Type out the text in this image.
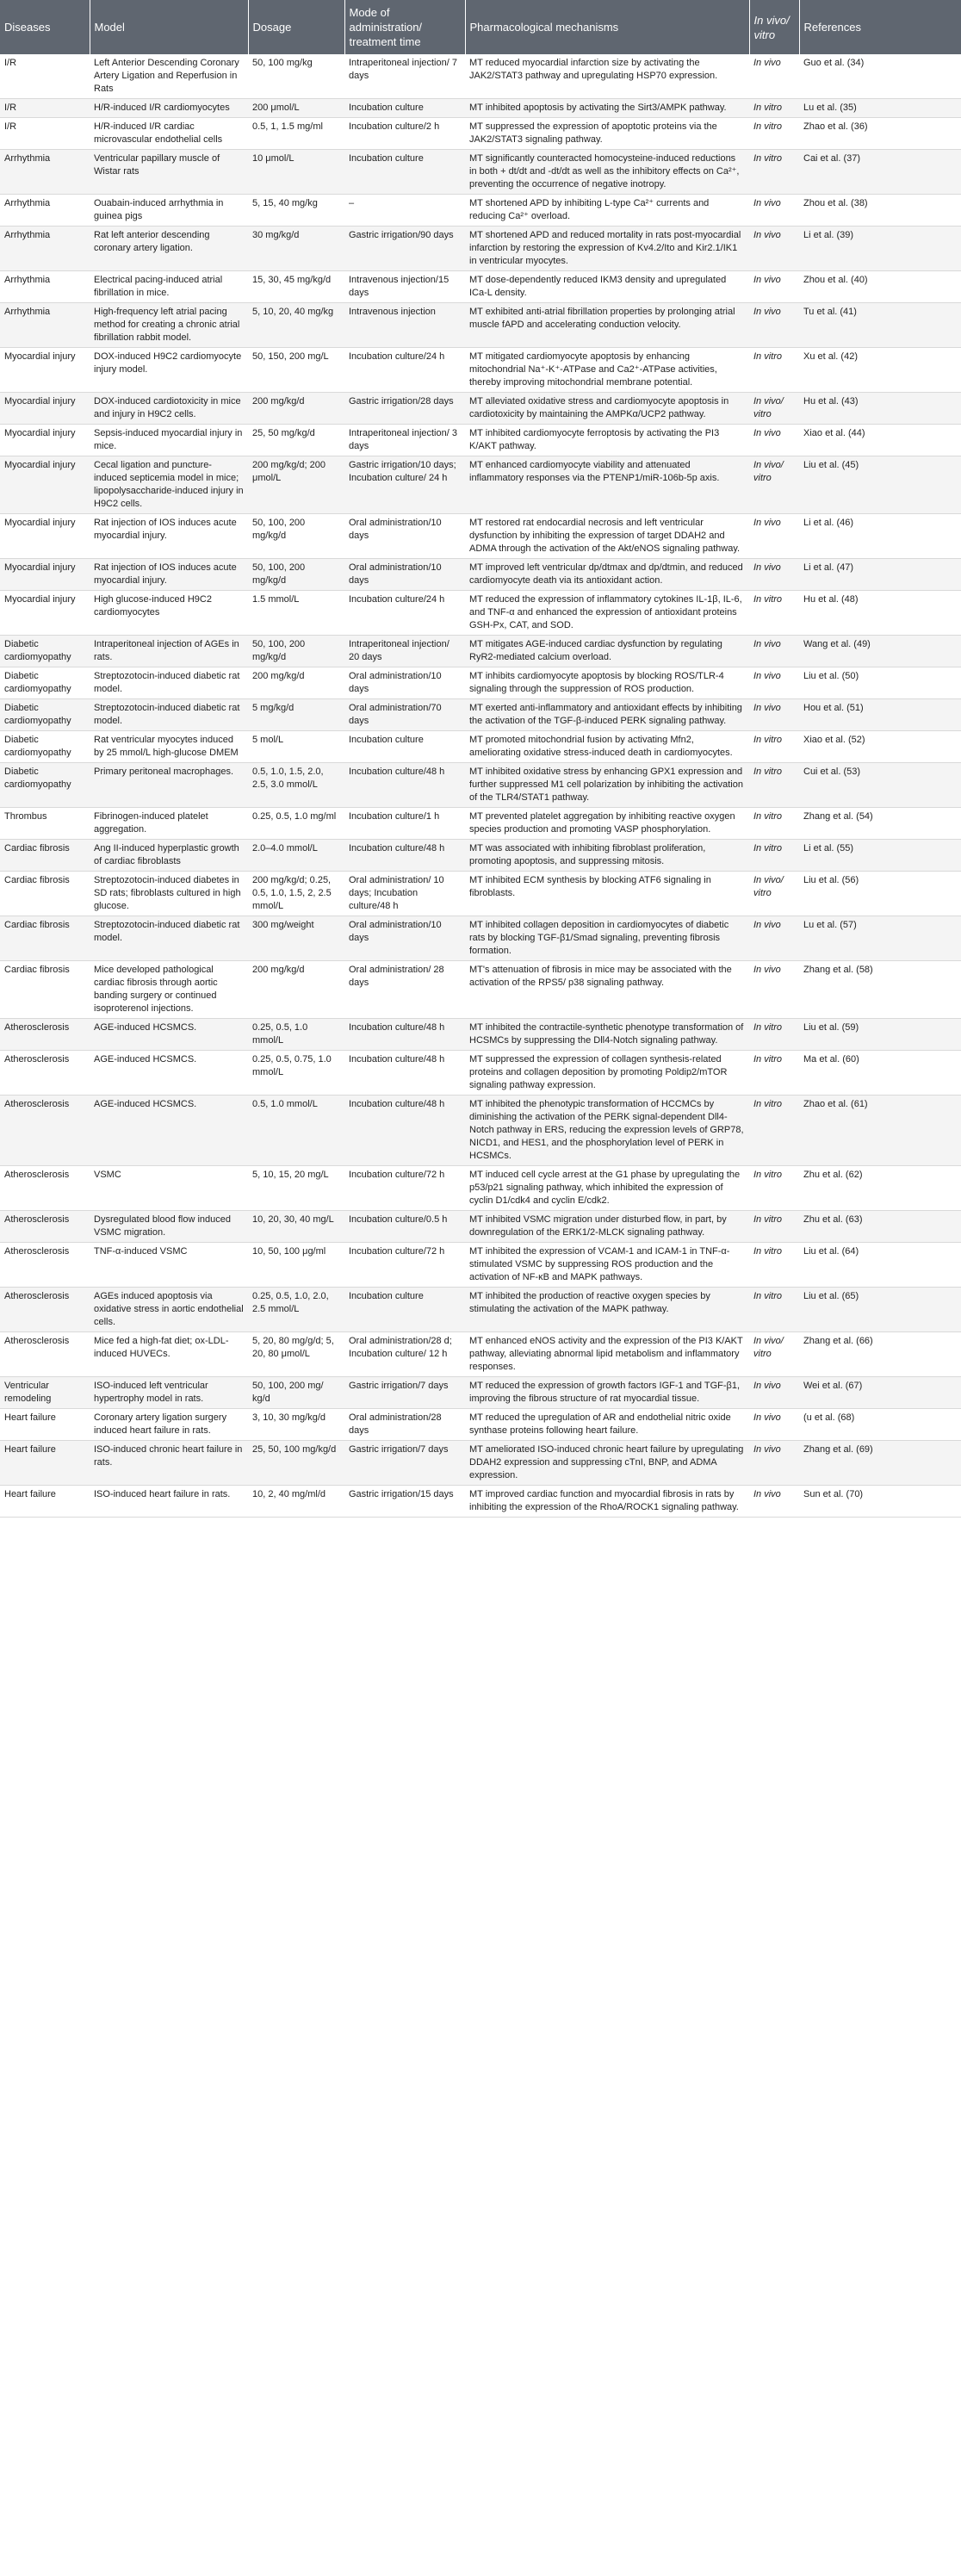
Diseases	Model	Dosage	Mode of administration/ treatment time	Pharmacological mechanisms	In vivo/ vitro	References
I/R	Left Anterior Descending Coronary Artery Ligation and Reperfusion in Rats	50, 100 mg/kg	Intraperitoneal injection/ 7 days	MT reduced myocardial infarction size by activating the JAK2/STAT3 pathway and upregulating HSP70 expression.	In vivo	Guo et al. (34)
I/R	H/R-induced I/R cardiomyocytes	200 μmol/L	Incubation culture	MT inhibited apoptosis by activating the Sirt3/AMPK pathway.	In vitro	Lu et al. (35)
I/R	H/R-induced I/R cardiac microvascular endothelial cells	0.5, 1, 1.5 mg/ml	Incubation culture/2 h	MT suppressed the expression of apoptotic proteins via the JAK2/STAT3 signaling pathway.	In vitro	Zhao et al. (36)
Arrhythmia	Ventricular papillary muscle of Wistar rats	10 μmol/L	Incubation culture	MT significantly counteracted homocysteine-induced reductions in both + dt/dt and -dt/dt as well as the inhibitory effects on Ca²⁺, preventing the occurrence of negative inotropy.	In vitro	Cai et al. (37)
Arrhythmia	Ouabain-induced arrhythmia in guinea pigs	5, 15, 40 mg/kg	–	MT shortened APD by inhibiting L-type Ca²⁺ currents and reducing Ca²⁺ overload.	In vivo	Zhou et al. (38)
Arrhythmia	Rat left anterior descending coronary artery ligation.	30 mg/kg/d	Gastric irrigation/90 days	MT shortened APD and reduced mortality in rats post-myocardial infarction by restoring the expression of Kv4.2/Ito and Kir2.1/IK1 in ventricular myocytes.	In vivo	Li et al. (39)
Arrhythmia	Electrical pacing-induced atrial fibrillation in mice.	15, 30, 45 mg/kg/d	Intravenous injection/15 days	MT dose-dependently reduced IKM3 density and upregulated ICa-L density.	In vivo	Zhou et al. (40)
Arrhythmia	High-frequency left atrial pacing method for creating a chronic atrial fibrillation rabbit model.	5, 10, 20, 40 mg/kg	Intravenous injection	MT exhibited anti-atrial fibrillation properties by prolonging atrial muscle fAPD and accelerating conduction velocity.	In vivo	Tu et al. (41)
Myocardial injury	DOX-induced H9C2 cardiomyocyte injury model.	50, 150, 200 mg/L	Incubation culture/24 h	MT mitigated cardiomyocyte apoptosis by enhancing mitochondrial Na⁺-K⁺-ATPase and Ca2⁺-ATPase activities, thereby improving mitochondrial membrane potential.	In vitro	Xu et al. (42)
Myocardial injury	DOX-induced cardiotoxicity in mice and injury in H9C2 cells.	200 mg/kg/d	Gastric irrigation/28 days	MT alleviated oxidative stress and cardiomyocyte apoptosis in cardiotoxicity by maintaining the AMPKα/UCP2 pathway.	In vivo/ vitro	Hu et al. (43)
Myocardial injury	Sepsis-induced myocardial injury in mice.	25, 50 mg/kg/d	Intraperitoneal injection/ 3 days	MT inhibited cardiomyocyte ferroptosis by activating the PI3 K/AKT pathway.	In vivo	Xiao et al. (44)
Myocardial injury	Cecal ligation and puncture-induced septicemia model in mice; lipopolysaccharide-induced injury in H9C2 cells.	200 mg/kg/d; 200 μmol/L	Gastric irrigation/10 days; Incubation culture/ 24 h	MT enhanced cardiomyocyte viability and attenuated inflammatory responses via the PTENP1/miR-106b-5p axis.	In vivo/ vitro	Liu et al. (45)
Myocardial injury	Rat injection of IOS induces acute myocardial injury.	50, 100, 200 mg/kg/d	Oral administration/10 days	MT restored rat endocardial necrosis and left ventricular dysfunction by inhibiting the expression of target DDAH2 and ADMA through the activation of the Akt/eNOS signaling pathway.	In vivo	Li et al. (46)
Myocardial injury	Rat injection of IOS induces acute myocardial injury.	50, 100, 200 mg/kg/d	Oral administration/10 days	MT improved left ventricular dp/dtmax and dp/dtmin, and reduced cardiomyocyte death via its antioxidant action.	In vivo	Li et al. (47)
Myocardial injury	High glucose-induced H9C2 cardiomyocytes	1.5 mmol/L	Incubation culture/24 h	MT reduced the expression of inflammatory cytokines IL-1β, IL-6, and TNF-α and enhanced the expression of antioxidant proteins GSH-Px, CAT, and SOD.	In vitro	Hu et al. (48)
Diabetic cardiomyopathy	Intraperitoneal injection of AGEs in rats.	50, 100, 200 mg/kg/d	Intraperitoneal injection/ 20 days	MT mitigates AGE-induced cardiac dysfunction by regulating RyR2-mediated calcium overload.	In vivo	Wang et al. (49)
Diabetic cardiomyopathy	Streptozotocin-induced diabetic rat model.	200 mg/kg/d	Oral administration/10 days	MT inhibits cardiomyocyte apoptosis by blocking ROS/TLR-4 signaling through the suppression of ROS production.	In vivo	Liu et al. (50)
Diabetic cardiomyopathy	Streptozotocin-induced diabetic rat model.	5 mg/kg/d	Oral administration/70 days	MT exerted anti-inflammatory and antioxidant effects by inhibiting the activation of the TGF-β-induced PERK signaling pathway.	In vivo	Hou et al. (51)
Diabetic cardiomyopathy	Rat ventricular myocytes induced by 25 mmol/L high-glucose DMEM	5 mol/L	Incubation culture	MT promoted mitochondrial fusion by activating Mfn2, ameliorating oxidative stress-induced death in cardiomyocytes.	In vitro	Xiao et al. (52)
Diabetic cardiomyopathy	Primary peritoneal macrophages.	0.5, 1.0, 1.5, 2.0, 2.5, 3.0 mmol/L	Incubation culture/48 h	MT inhibited oxidative stress by enhancing GPX1 expression and further suppressed M1 cell polarization by inhibiting the activation of the TLR4/STAT1 pathway.	In vitro	Cui et al. (53)
Thrombus	Fibrinogen-induced platelet aggregation.	0.25, 0.5, 1.0 mg/ml	Incubation culture/1 h	MT prevented platelet aggregation by inhibiting reactive oxygen species production and promoting VASP phosphorylation.	In vitro	Zhang et al. (54)
Cardiac fibrosis	Ang II-induced hyperplastic growth of cardiac fibroblasts	2.0–4.0 mmol/L	Incubation culture/48 h	MT was associated with inhibiting fibroblast proliferation, promoting apoptosis, and suppressing mitosis.	In vitro	Li et al. (55)
Cardiac fibrosis	Streptozotocin-induced diabetes in SD rats; fibroblasts cultured in high glucose.	200 mg/kg/d; 0.25, 0.5, 1.0, 1.5, 2, 2.5 mmol/L	Oral administration/ 10 days; Incubation culture/48 h	MT inhibited ECM synthesis by blocking ATF6 signaling in fibroblasts.	In vivo/ vitro	Liu et al. (56)
Cardiac fibrosis	Streptozotocin-induced diabetic rat model.	300 mg/weight	Oral administration/10 days	MT inhibited collagen deposition in cardiomyocytes of diabetic rats by blocking TGF-β1/Smad signaling, preventing fibrosis formation.	In vivo	Lu et al. (57)
Cardiac fibrosis	Mice developed pathological cardiac fibrosis through aortic banding surgery or continued isoproterenol injections.	200 mg/kg/d	Oral administration/ 28 days	MT's attenuation of fibrosis in mice may be associated with the activation of the RPS5/ p38 signaling pathway.	In vivo	Zhang et al. (58)
Atherosclerosis	AGE-induced HCSMCS.	0.25, 0.5, 1.0 mmol/L	Incubation culture/48 h	MT inhibited the contractile-synthetic phenotype transformation of HCSMCs by suppressing the Dll4-Notch signaling pathway.	In vitro	Liu et al. (59)
Atherosclerosis	AGE-induced HCSMCS.	0.25, 0.5, 0.75, 1.0 mmol/L	Incubation culture/48 h	MT suppressed the expression of collagen synthesis-related proteins and collagen deposition by promoting Poldip2/mTOR signaling pathway expression.	In vitro	Ma et al. (60)
Atherosclerosis	AGE-induced HCSMCS.	0.5, 1.0 mmol/L	Incubation culture/48 h	MT inhibited the phenotypic transformation of HCCMCs by diminishing the activation of the PERK signal-dependent Dll4-Notch pathway in ERS, reducing the expression levels of GRP78, NICD1, and HES1, and the phosphorylation level of PERK in HCSMCs.	In vitro	Zhao et al. (61)
Atherosclerosis	VSMC	5, 10, 15, 20 mg/L	Incubation culture/72 h	MT induced cell cycle arrest at the G1 phase by upregulating the p53/p21 signaling pathway, which inhibited the expression of cyclin D1/cdk4 and cyclin E/cdk2.	In vitro	Zhu et al. (62)
Atherosclerosis	Dysregulated blood flow induced VSMC migration.	10, 20, 30, 40 mg/L	Incubation culture/0.5 h	MT inhibited VSMC migration under disturbed flow, in part, by downregulation of the ERK1/2-MLCK signaling pathway.	In vitro	Zhu et al. (63)
Atherosclerosis	TNF-α-induced VSMC	10, 50, 100 μg/ml	Incubation culture/72 h	MT inhibited the expression of VCAM-1 and ICAM-1 in TNF-α-stimulated VSMC by suppressing ROS production and the activation of NF-κB and MAPK pathways.	In vitro	Liu et al. (64)
Atherosclerosis	AGEs induced apoptosis via oxidative stress in aortic endothelial cells.	0.25, 0.5, 1.0, 2.0, 2.5 mmol/L	Incubation culture	MT inhibited the production of reactive oxygen species by stimulating the activation of the MAPK pathway.	In vitro	Liu et al. (65)
Atherosclerosis	Mice fed a high-fat diet; ox-LDL-induced HUVECs.	5, 20, 80 mg/g/d; 5, 20, 80 μmol/L	Oral administration/28 d; Incubation culture/ 12 h	MT enhanced eNOS activity and the expression of the PI3 K/AKT pathway, alleviating abnormal lipid metabolism and inflammatory responses.	In vivo/ vitro	Zhang et al. (66)
Ventricular remodeling	ISO-induced left ventricular hypertrophy model in rats.	50, 100, 200 mg/ kg/d	Gastric irrigation/7 days	MT reduced the expression of growth factors IGF-1 and TGF-β1, improving the fibrous structure of rat myocardial tissue.	In vivo	Wei et al. (67)
Heart failure	Coronary artery ligation surgery induced heart failure in rats.	3, 10, 30 mg/kg/d	Oral administration/28 days	MT reduced the upregulation of AR and endothelial nitric oxide synthase proteins following heart failure.	In vivo	(u et al. (68)
Heart failure	ISO-induced chronic heart failure in rats.	25, 50, 100 mg/kg/d	Gastric irrigation/7 days	MT ameliorated ISO-induced chronic heart failure by upregulating DDAH2 expression and suppressing cTnI, BNP, and ADMA expression.	In vivo	Zhang et al. (69)
Heart failure	ISO-induced heart failure in rats.	10, 2, 40 mg/ml/d	Gastric irrigation/15 days	MT improved cardiac function and myocardial fibrosis in rats by inhibiting the expression of the RhoA/ROCK1 signaling pathway.	In vivo	Sun et al. (70)
